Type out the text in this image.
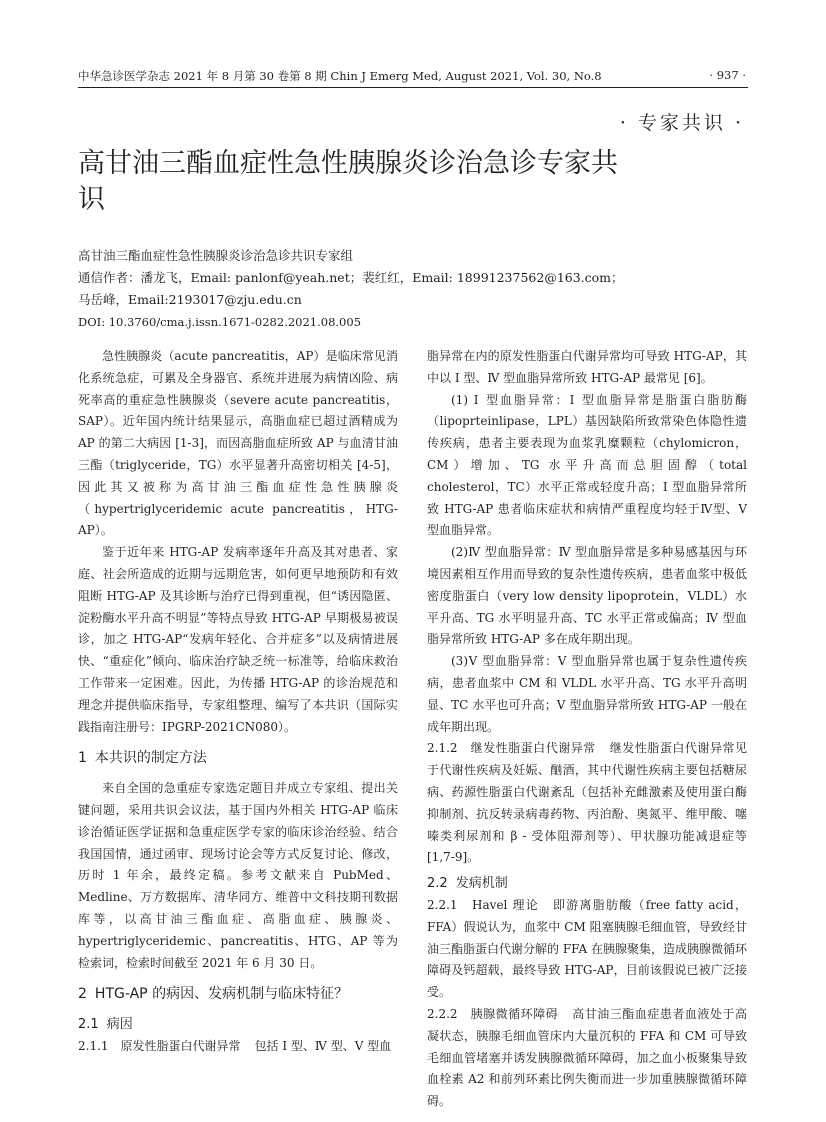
中华急诊医学杂志 2021 年 8 月第 30 卷第 8 期 Chin J Emerg Med, August 2021, Vol. 30, No.8	· 937 ·
· 专家共识 ·
高甘油三酯血症性急性胰腺炎诊治急诊专家共识
高甘油三酯血症性急性胰腺炎诊治急诊共识专家组
通信作者：潘龙飞，Email: panlonf@yeah.net；裴红红，Email: 18991237562@163.com；
马岳峰，Email:2193017@zju.edu.cn
DOI: 10.3760/cma.j.issn.1671-0282.2021.08.005

急性胰腺炎（acute pancreatitis，AP）是临床常见消化系统急症，可累及全身器官、系统并进展为病情凶险、病死率高的重症急性胰腺炎（severe acute pancreatitis，SAP）。近年国内统计结果显示，高脂血症已超过酒精成为 AP 的第二大病因 [1-3]，而因高脂血症所致 AP 与血清甘油三酯（triglyceride，TG）水平显著升高密切相关 [4-5]，因此其又被称为高甘油三酯血症性急性胰腺炎（hypertriglyceridemic acute pancreatitis，HTG-AP）。

鉴于近年来 HTG-AP 发病率逐年升高及其对患者、家庭、社会所造成的近期与远期危害，如何更早地预防和有效阻断 HTG-AP 及其诊断与治疗已得到重视，但“诱因隐匿、淀粉酶水平升高不明显”等特点导致 HTG-AP 早期极易被误诊，加之 HTG-AP“发病年轻化、合并症多”以及病情进展快、“重症化”倾向、临床治疗缺乏统一标准等，给临床救治工作带来一定困难。因此，为传播 HTG-AP 的诊治规范和理念并提供临床指导，专家组整理、编写了本共识（国际实践指南注册号：IPGRP-2021CN080）。

1 本共识的制定方法

来自全国的急重症专家选定题目并成立专家组、提出关键问题，采用共识会议法，基于国内外相关 HTG-AP 临床诊治循证医学证据和急重症医学专家的临床诊治经验、结合我国国情，通过函审、现场讨论会等方式反复讨论、修改，历时 1 年余，最终定稿。参考文献来自 PubMed、Medline、万方数据库、清华同方、维普中文科技期刊数据库等，以高甘油三酯血症、高脂血症、胰腺炎、hypertriglyceridemic、pancreatitis、HTG、AP 等为检索词，检索时间截至 2021 年 6 月 30 日。

2 HTG-AP 的病因、发病机制与临床特征？
2.1 病因

2.1.1　原发性脂蛋白代谢异常 包括 Ⅰ 型、Ⅳ 型、Ⅴ 型血

脂异常在内的原发性脂蛋白代谢异常均可导致 HTG-AP，其中以 Ⅰ 型、Ⅳ 型血脂异常所致 HTG-AP 最常见 [6]。

(1) Ⅰ 型血脂异常：Ⅰ 型血脂异常是脂蛋白脂肪酶（lipoprteinlipase，LPL）基因缺陷所致常染色体隐性遗传疾病，患者主要表现为血浆乳糜颗粒（chylomicron，CM）增加、TG 水平升高而总胆固醇（total cholesterol，TC）水平正常或轻度升高；Ⅰ 型血脂异常所致 HTG-AP 患者临床症状和病情严重程度均轻于Ⅳ型、Ⅴ 型血脂异常。

(2)Ⅳ 型血脂异常：Ⅳ 型血脂异常是多种易感基因与环境因素相互作用而导致的复杂性遗传疾病，患者血浆中极低密度脂蛋白（very low density lipoprotein，VLDL）水平升高、TG 水平明显升高、TC 水平正常或偏高；Ⅳ 型血脂异常所致 HTG-AP 多在成年期出现。

(3)Ⅴ 型血脂异常：Ⅴ 型血脂异常也属于复杂性遗传疾病，患者血浆中 CM 和 VLDL 水平升高、TG 水平升高明显、TC 水平也可升高；Ⅴ 型血脂异常所致 HTG-AP 一般在成年期出现。

2.1.2　继发性脂蛋白代谢异常 继发性脂蛋白代谢异常见于代谢性疾病及妊娠、酗酒，其中代谢性疾病主要包括糖尿病、药源性脂蛋白代谢紊乱（包括补充雌激素及使用蛋白酶抑制剂、抗反转录病毒药物、丙泊酚、奥氮平、维甲酸、噻嗪类利尿剂和 β - 受体阻滞剂等）、甲状腺功能减退症等 [1,7-9]。

2.2 发病机制

2.2.1　Havel 理论 即游离脂肪酸（free fatty acid，FFA）假说认为，血浆中 CM 阻塞胰腺毛细血管，导致经甘油三酯脂蛋白代谢分解的 FFA 在胰腺聚集，造成胰腺微循环障碍及钙超载，最终导致 HTG-AP，目前该假说已被广泛接受。

2.2.2　胰腺微循环障碍 高甘油三酯血症患者血液处于高凝状态，胰腺毛细血管床内大量沉积的 FFA 和 CM 可导致毛细血管堵塞并诱发胰腺微循环障碍，加之血小板聚集导致血栓素 A2 和前列环素比例失衡而进一步加重胰腺微循环障碍。
